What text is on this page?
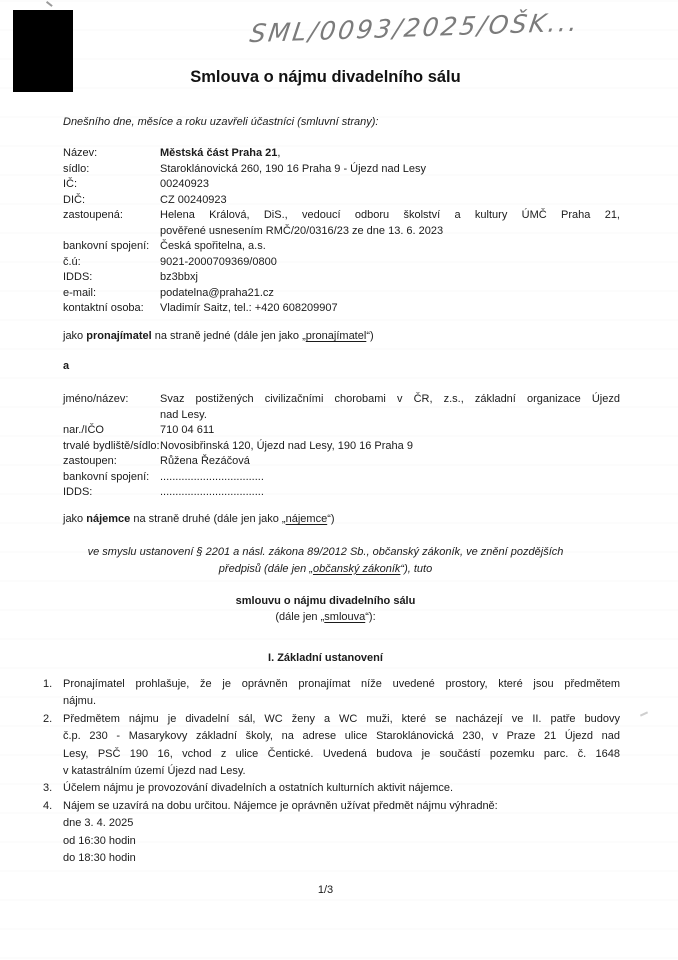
SML/0093/2025/OŠK...
Smlouva o nájmu divadelního sálu

Dnešního dne, měsíce a roku uzavřeli účastníci (smluvní strany):

Název:	Městská část Praha 21,
sídlo:	Staroklánovická 260, 190 16 Praha 9 - Újezd nad Lesy
IČ:	00240923
DIČ:	CZ 00240923
zastoupená:	Helena Králová, DiS., vedoucí odboru školství a kultury ÚMČ Praha 21,
pověřené usnesením RMČ/20/0316/23 ze dne 13. 6. 2023
bankovní spojení: Česká spořitelna, a.s.
č.ú:	9021-2000709369/0800
IDDS:	bz3bbxj
e-mail:	podatelna@praha21.cz
kontaktní osoba:	Vladimír Saitz, tel.: +420 608209907

jako pronajímatel na straně jedné (dále jen jako „pronajímatel“)

a

jméno/název:	Svaz postižených civilizačními chorobami v ČR, z.s., základní organizace Újezd
nad Lesy.
nar./IČO	710 04 611
trvalé bydliště/sídlo: Novosibřinská 120, Újezd nad Lesy, 190 16 Praha 9
zastoupen:	Růžena Řezáčová
bankovní spojení: ..................................
IDDS:	..................................

jako nájemce na straně druhé (dále jen jako „nájemce“)

ve smyslu ustanovení § 2201 a násl. zákona 89/2012 Sb., občanský zákoník, ve znění pozdějších
předpisů (dále jen „občanský zákoník“), tuto
smlouvu o nájmu divadelního sálu
(dále jen „smlouva“):
I. Základní ustanovení
1. Pronajímatel prohlašuje, že je oprávněn pronajímat níže uvedené prostory, které jsou předmětem
nájmu.
2. Předmětem nájmu je divadelní sál, WC ženy a WC muži, které se nacházejí ve II. patře budovy
č.p. 230 - Masarykovy základní školy, na adrese ulice Staroklánovická 230, v Praze 21 Újezd nad
Lesy, PSČ 190 16, vchod z ulice Čentické. Uvedená budova je součástí pozemku parc. č. 1648
v katastrálním území Újezd nad Lesy.
3. Účelem nájmu je provozování divadelních a ostatních kulturních aktivit nájemce.
4. Nájem se uzavírá na dobu určitou. Nájemce je oprávněn užívat předmět nájmu výhradně:
dne 3. 4. 2025
od 16:30 hodin
do 18:30 hodin
1/3
